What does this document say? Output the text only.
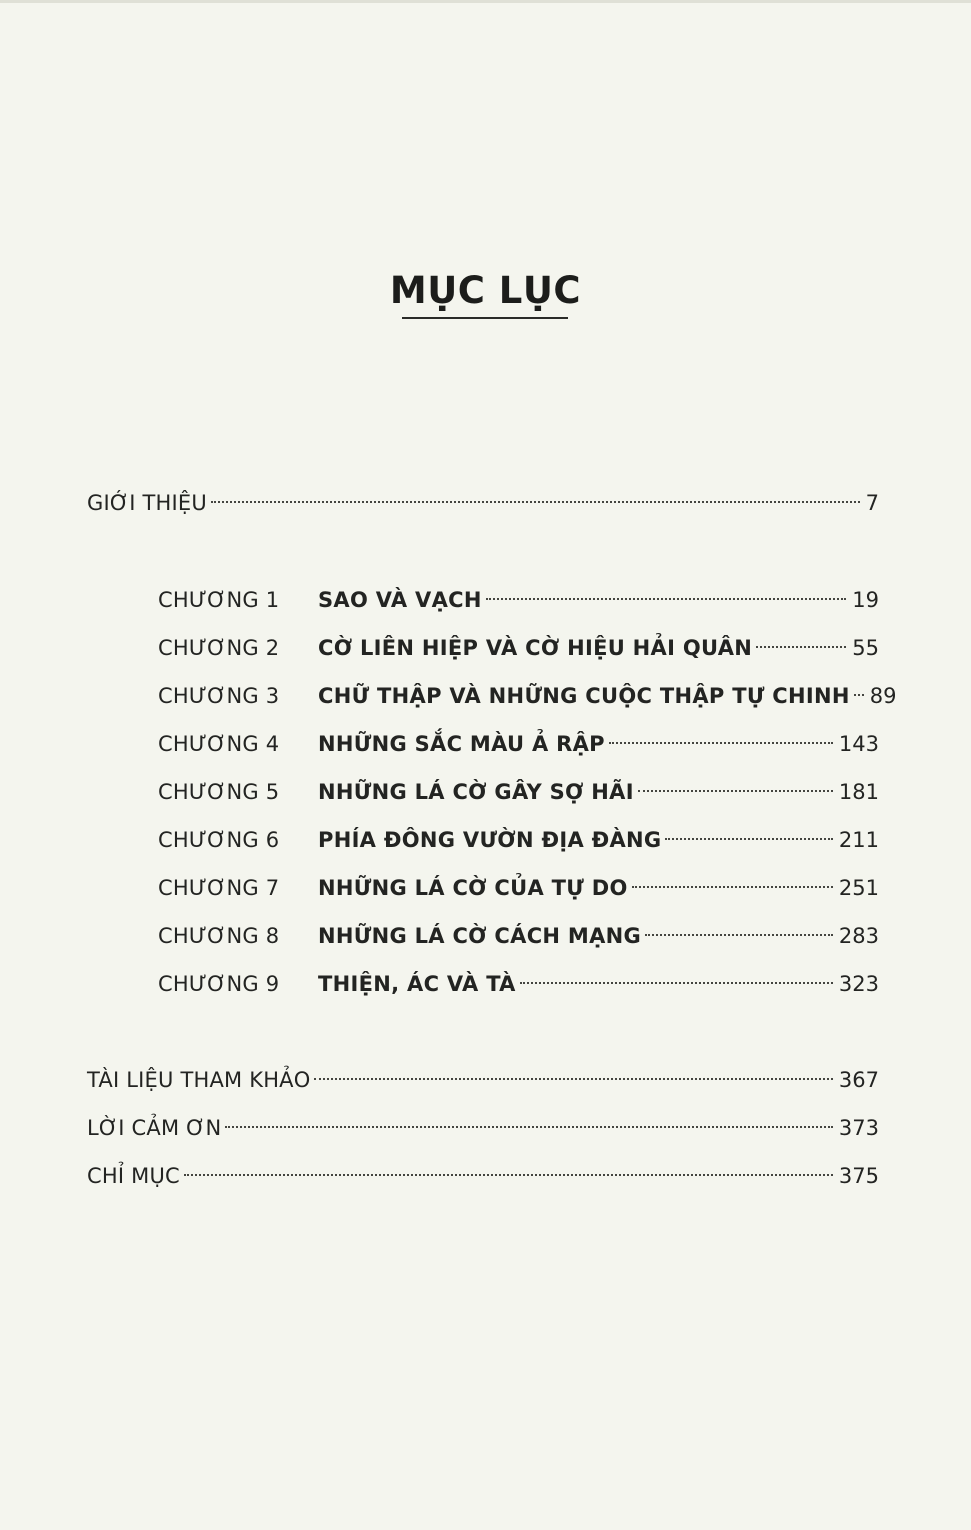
MỤC LỤC
GIỚI THIỆU	7
CHƯƠNG 1	SAO VÀ VẠCH	19
CHƯƠNG 2	CỜ LIÊN HIỆP VÀ CỜ HIỆU HẢI QUÂN	55
CHƯƠNG 3	CHỮ THẬP VÀ NHỮNG CUỘC THẬP TỰ CHINH 89
CHƯƠNG 4	NHỮNG SẮC MÀU Ả RẬP	143
CHƯƠNG 5	NHỮNG LÁ CỜ GÂY SỢ HÃI	181
CHƯƠNG 6	PHÍA ĐÔNG VƯỜN ĐỊA ĐÀNG	211
CHƯƠNG 7	NHỮNG LÁ CỜ CỦA TỰ DO	251
CHƯƠNG 8	NHỮNG LÁ CỜ CÁCH MẠNG	283
CHƯƠNG 9	THIỆN, ÁC VÀ TÀ	323
TÀI LIỆU THAM KHẢO	367
LỜI CẢM ƠN	373
CHỈ MỤC	375
